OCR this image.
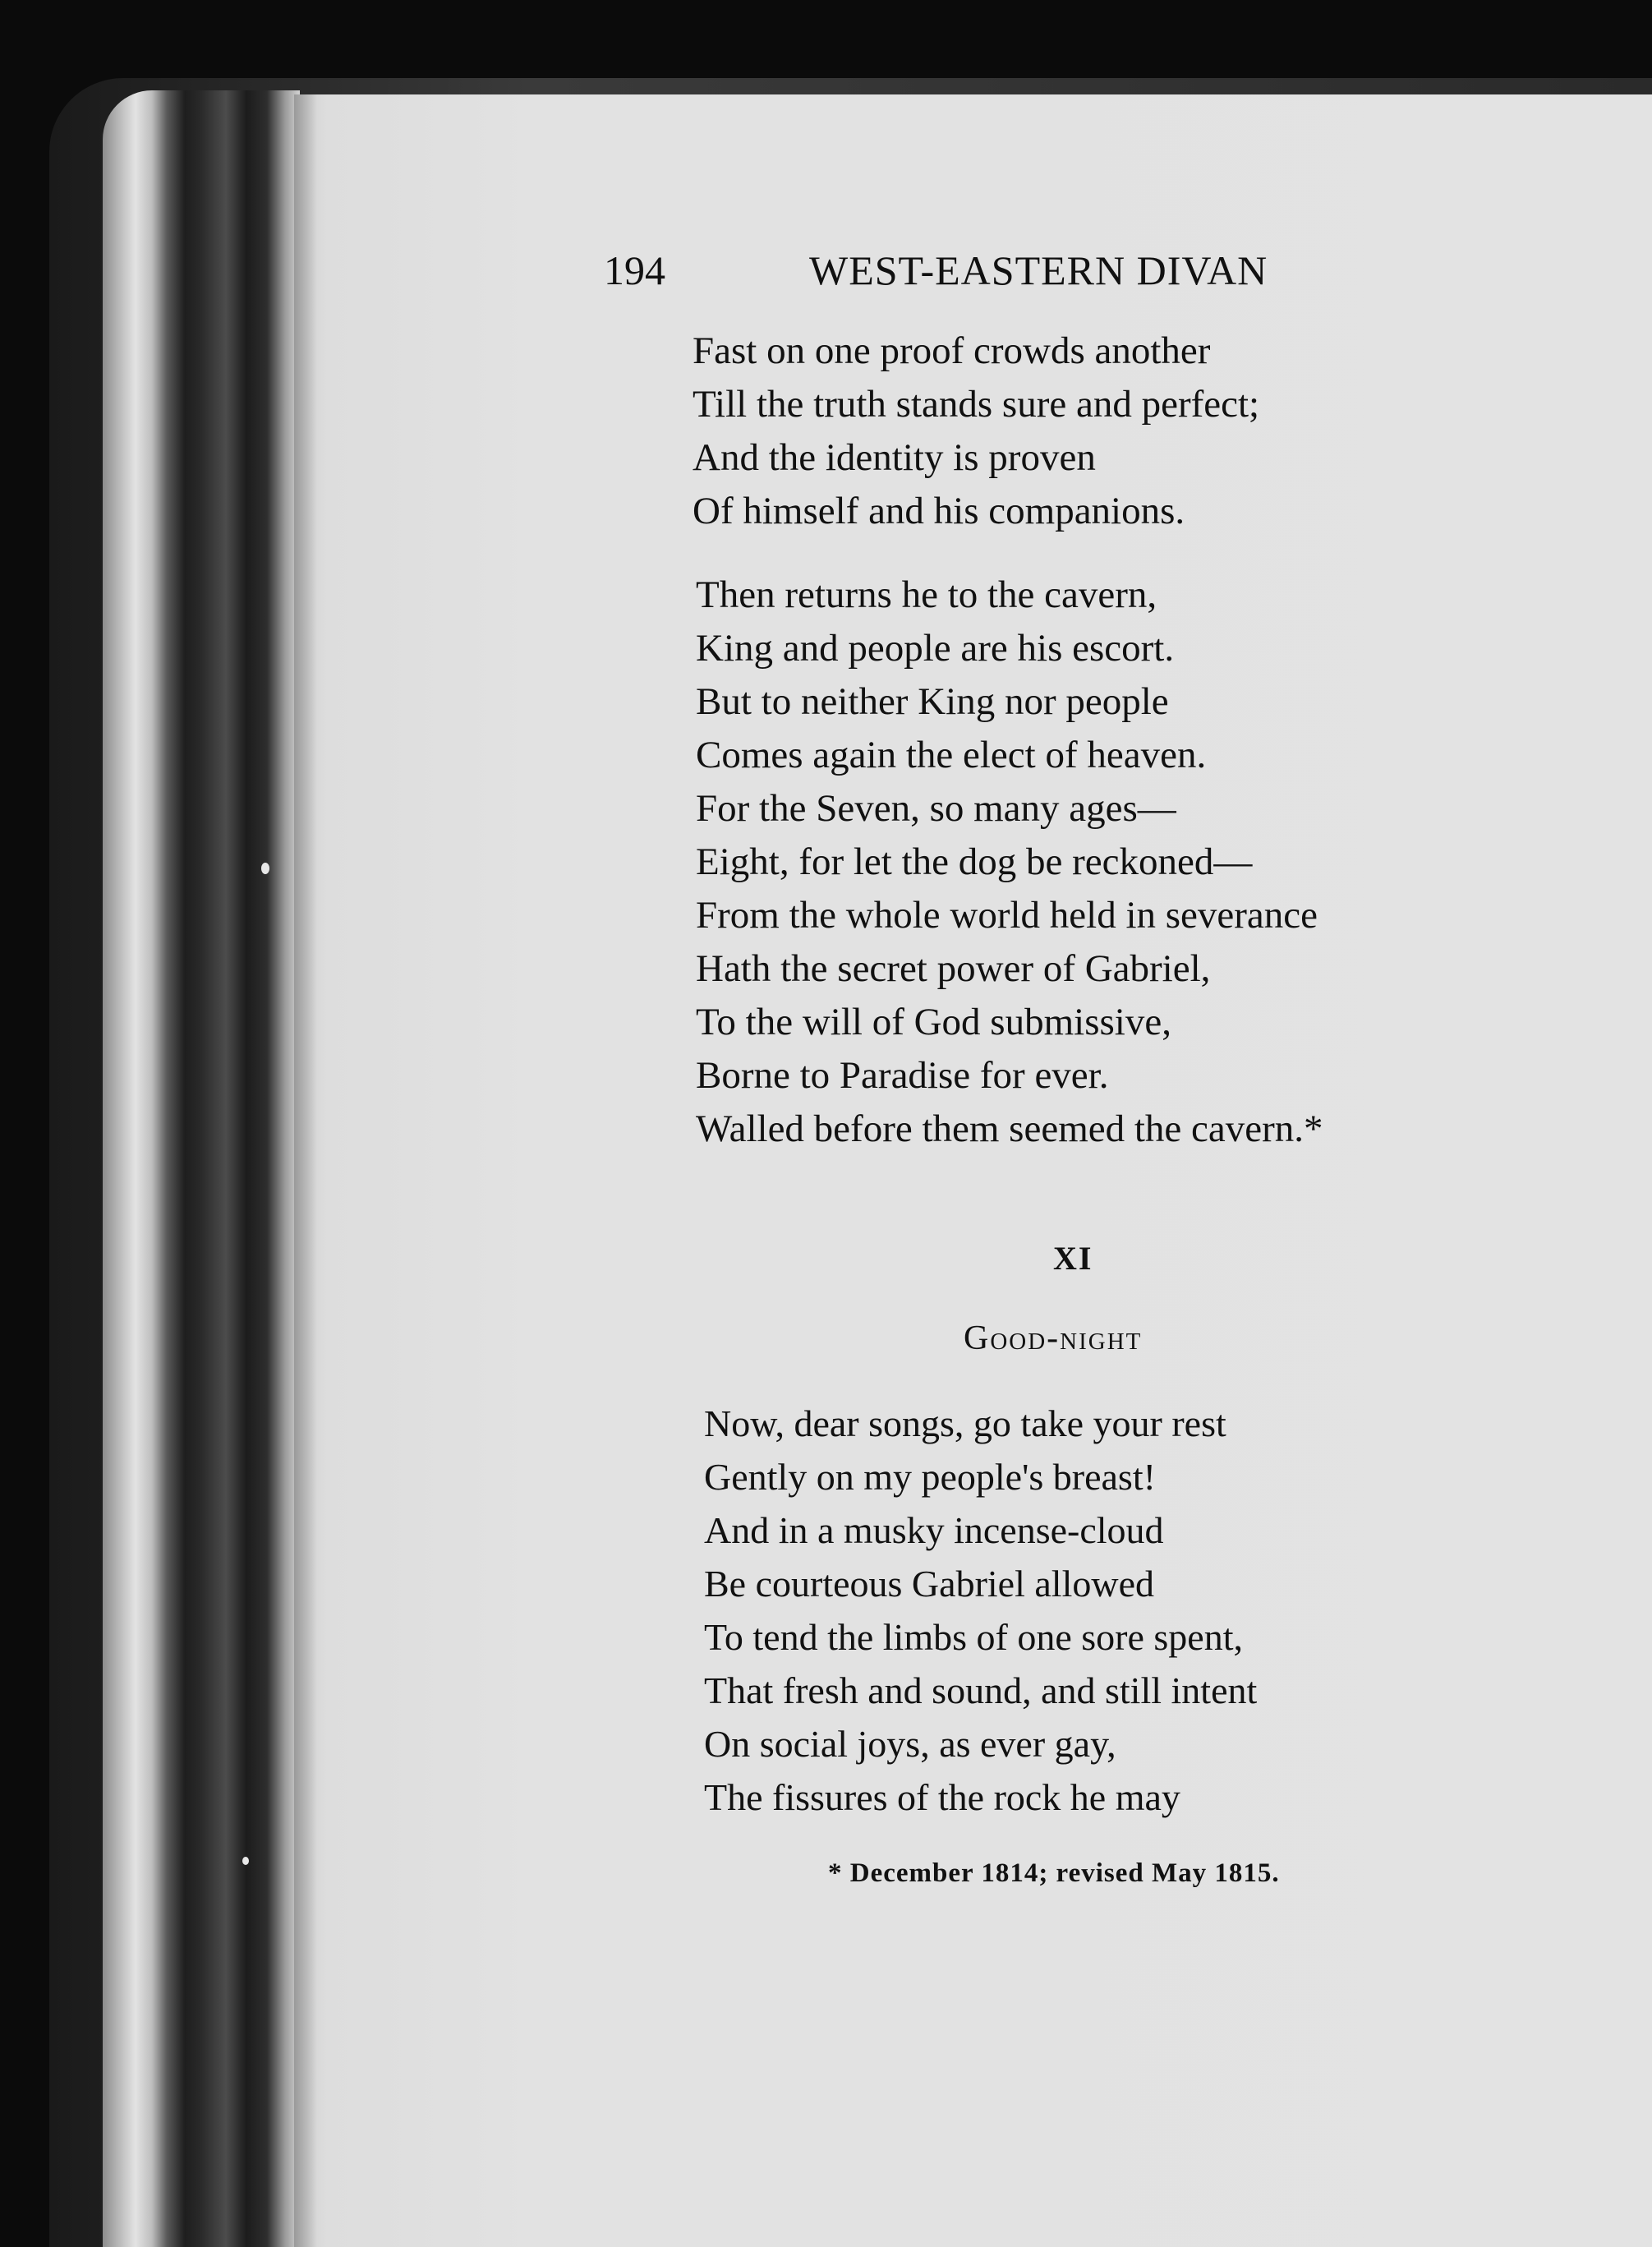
194	WEST-EASTERN DIVAN
Fast on one proof crowds another
Till the truth stands sure and perfect;
And the identity is proven
Of himself and his companions.
Then returns he to the cavern,
King and people are his escort.
But to neither King nor people
Comes again the elect of heaven.
For the Seven, so many ages—
Eight, for let the dog be reckoned—
From the whole world held in severance
Hath the secret power of Gabriel,
To the will of God submissive,
Borne to Paradise for ever.
Walled before them seemed the cavern.*
XI
Good-night
Now, dear songs, go take your rest
Gently on my people's breast!
And in a musky incense-cloud
Be courteous Gabriel allowed
To tend the limbs of one sore spent,
That fresh and sound, and still intent
On social joys, as ever gay,
The fissures of the rock he may
* December 1814; revised May 1815.
